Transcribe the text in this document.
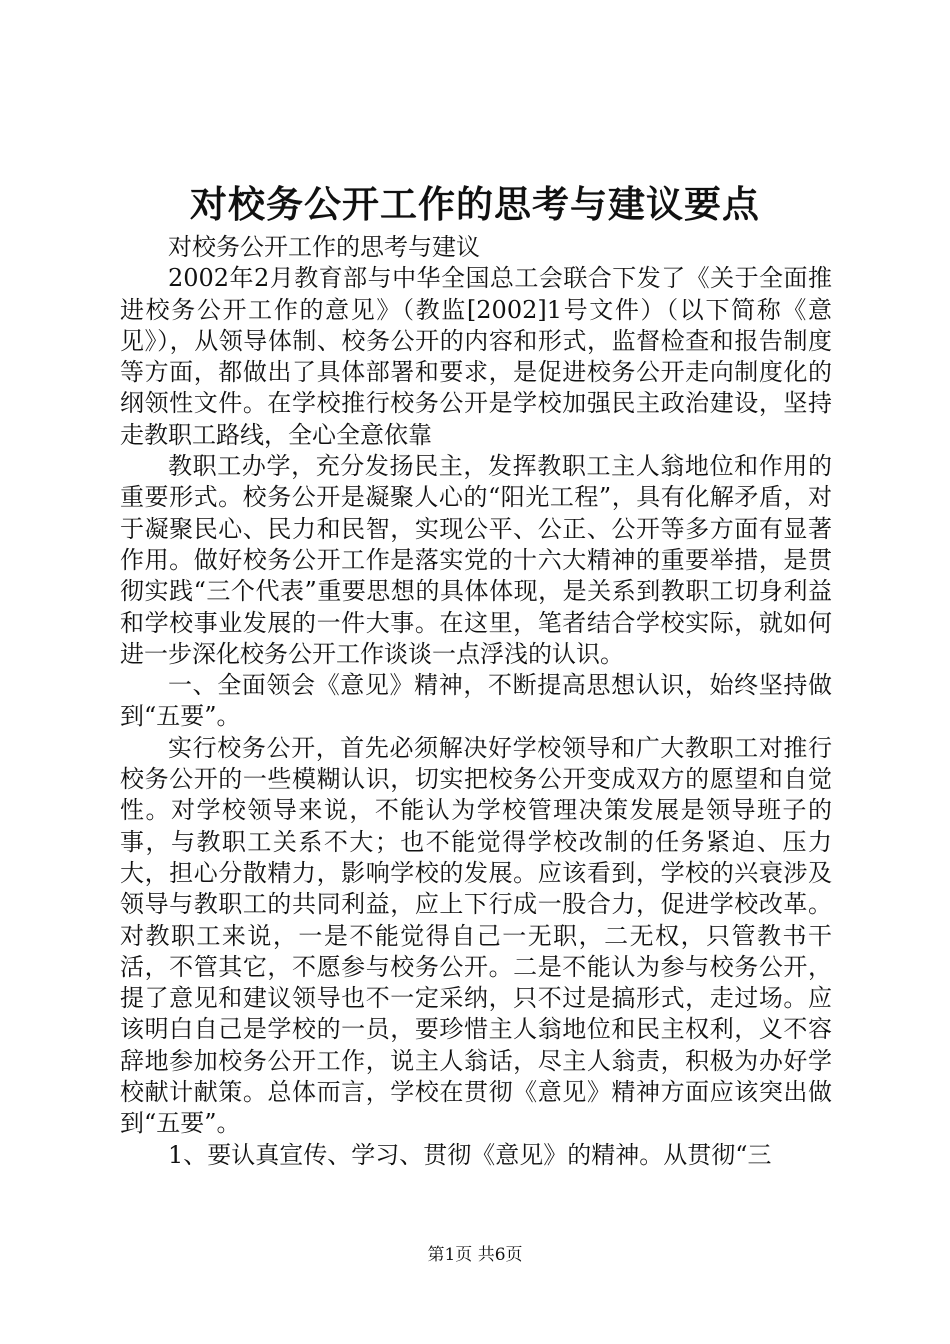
对校务公开工作的思考与建议要点

对校务公开工作的思考与建议

2002年2月教育部与中华全国总工会联合下发了《关于全面推进校务公开工作的意见》（教监[2002]1号文件）（以下简称《意见》），从领导体制、校务公开的内容和形式，监督检查和报告制度等方面，都做出了具体部署和要求，是促进校务公开走向制度化的纲领性文件。在学校推行校务公开是学校加强民主政治建设，坚持走教职工路线，全心全意依靠

教职工办学，充分发扬民主，发挥教职工主人翁地位和作用的重要形式。校务公开是凝聚人心的“阳光工程”，具有化解矛盾，对于凝聚民心、民力和民智，实现公平、公正、公开等多方面有显著作用。做好校务公开工作是落实党的十六大精神的重要举措，是贯彻实践“三个代表”重要思想的具体体现，是关系到教职工切身利益和学校事业发展的一件大事。在这里，笔者结合学校实际，就如何进一步深化校务公开工作谈谈一点浮浅的认识。

一、全面领会《意见》精神，不断提高思想认识，始终坚持做到“五要”。

实行校务公开，首先必须解决好学校领导和广大教职工对推行校务公开的一些模糊认识，切实把校务公开变成双方的愿望和自觉性。对学校领导来说，不能认为学校管理决策发展是领导班子的事，与教职工关系不大；也不能觉得学校改制的任务紧迫、压力大，担心分散精力，影响学校的发展。应该看到，学校的兴衰涉及领导与教职工的共同利益，应上下行成一股合力，促进学校改革。对教职工来说，一是不能觉得自己一无职，二无权，只管教书干活，不管其它，不愿参与校务公开。二是不能认为参与校务公开，提了意见和建议领导也不一定采纳，只不过是搞形式，走过场。应该明白自己是学校的一员，要珍惜主人翁地位和民主权利，义不容辞地参加校务公开工作，说主人翁话，尽主人翁责，积极为办好学校献计献策。总体而言，学校在贯彻《意见》精神方面应该突出做到“五要”。

1、要认真宣传、学习、贯彻《意见》的精神。从贯彻“三

第1页 共6页
